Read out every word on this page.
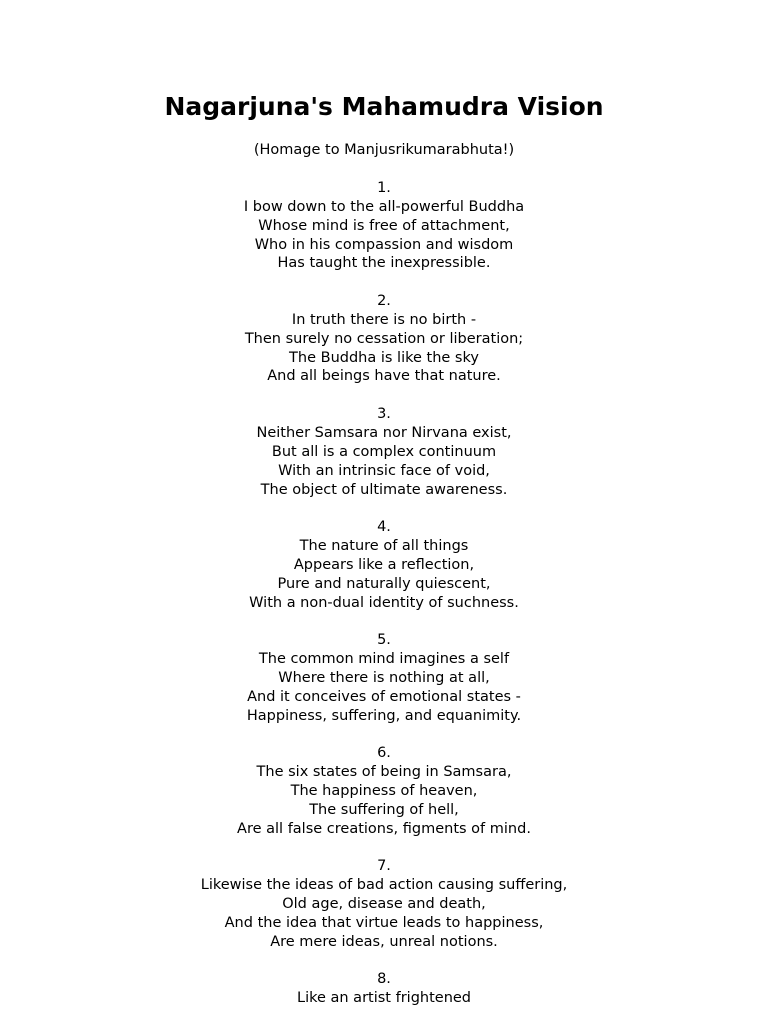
Nagarjuna's Mahamudra Vision

(Homage to Manjusrikumarabhuta!)

1.
I bow down to the all-powerful Buddha
Whose mind is free of attachment,
Who in his compassion and wisdom
Has taught the inexpressible.
2.
In truth there is no birth -
Then surely no cessation or liberation;
The Buddha is like the sky
And all beings have that nature.
3.
Neither Samsara nor Nirvana exist,
But all is a complex continuum
With an intrinsic face of void,
The object of ultimate awareness.
4.
The nature of all things
Appears like a reflection,
Pure and naturally quiescent,
With a non-dual identity of suchness.
5.
The common mind imagines a self
Where there is nothing at all,
And it conceives of emotional states -
Happiness, suffering, and equanimity.
6.
The six states of being in Samsara,
The happiness of heaven,
The suffering of hell,
Are all false creations, figments of mind.
7.
Likewise the ideas of bad action causing suffering,
Old age, disease and death,
And the idea that virtue leads to happiness,
Are mere ideas, unreal notions.
8.
Like an artist frightened
